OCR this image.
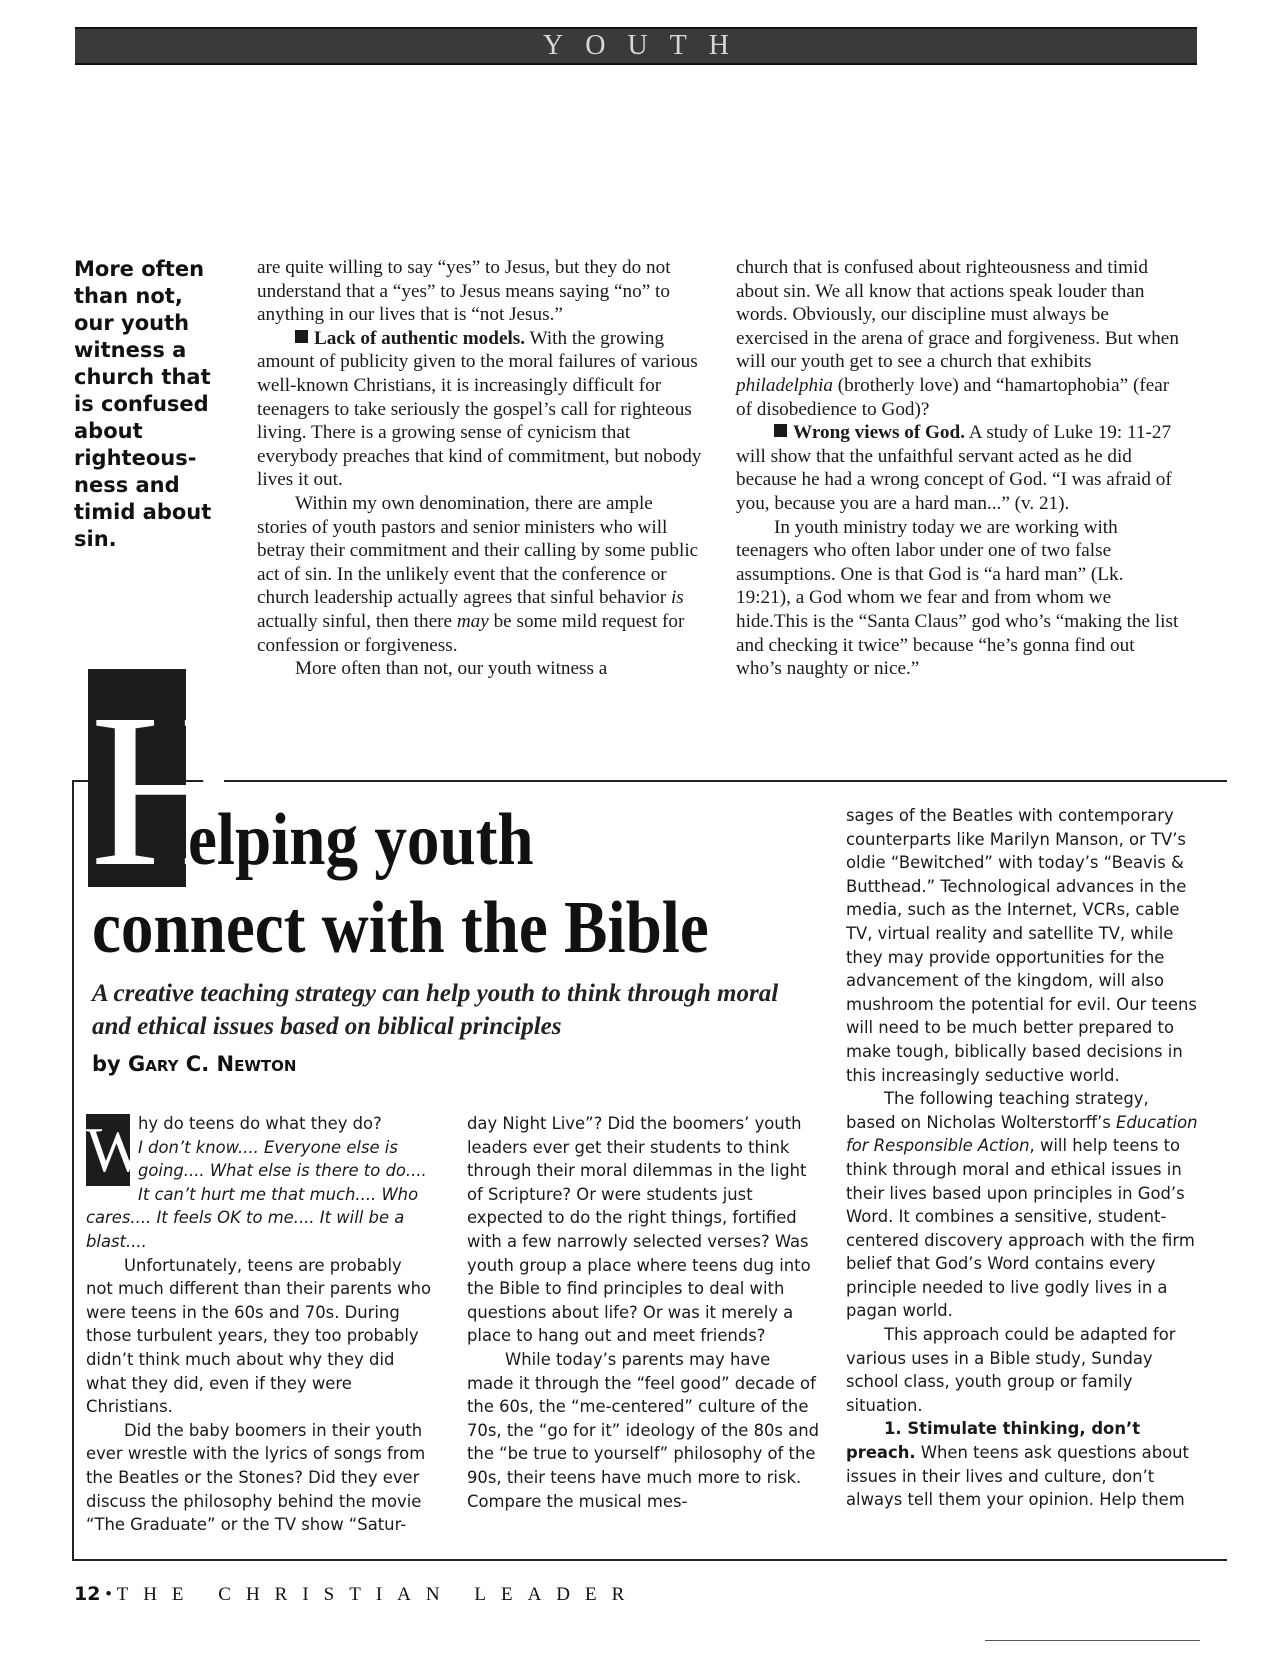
YOUTH

More often than not, our youth witness a church that is confused about righteous-ness and timid about sin.

are quite willing to say “yes” to Jesus, but they do not understand that a “yes” to Jesus means saying “no” to anything in our lives that is “not Jesus.”

Lack of authentic models. With the growing amount of publicity given to the moral failures of various well-known Christians, it is increasingly difficult for teenagers to take seriously the gospel’s call for righteous living. There is a growing sense of cynicism that everybody preaches that kind of commitment, but nobody lives it out.

Within my own denomination, there are ample stories of youth pastors and senior ministers who will betray their commitment and their calling by some public act of sin. In the unlikely event that the conference or church leadership actually agrees that sinful behavior is actually sinful, then there may be some mild request for confession or forgiveness.

More often than not, our youth witness a

church that is confused about righteousness and timid about sin. We all know that actions speak louder than words. Obviously, our discipline must always be exercised in the arena of grace and forgiveness. But when will our youth get to see a church that exhibits philadelphia (brotherly love) and “hamartophobia” (fear of disobedience to God)?

Wrong views of God. A study of Luke 19: 11-27 will show that the unfaithful servant acted as he did because he had a wrong concept of God. “I was afraid of you, because you are a hard man...” (v. 21).

In youth ministry today we are working with teenagers who often labor under one of two false assumptions. One is that God is “a hard man” (Lk. 19:21), a God whom we fear and from whom we hide.This is the “Santa Claus” god who’s “making the list and checking it twice” because “he’s gonna find out who’s naughty or nice.”

H

elping youth
connect with the Bible

A creative teaching strategy can help youth to think through moral and ethical issues based on biblical principles

by Gary C. Newton

W
hy do teens do what they do?
I don’t know.... Everyone else is going.... What else is there to do.... It can’t hurt me that much.... Who cares.... It feels OK to me.... It will be a blast....

Unfortunately, teens are probably not much different than their parents who were teens in the 60s and 70s. During those turbulent years, they too probably didn’t think much about why they did what they did, even if they were Christians.

Did the baby boomers in their youth ever wrestle with the lyrics of songs from the Beatles or the Stones? Did they ever discuss the philosophy behind the movie “The Graduate” or the TV show “Satur-

day Night Live”? Did the boomers’ youth leaders ever get their students to think through their moral dilemmas in the light of Scripture? Or were students just expected to do the right things, fortified with a few narrowly selected verses? Was youth group a place where teens dug into the Bible to find principles to deal with questions about life? Or was it merely a place to hang out and meet friends?

While today’s parents may have made it through the “feel good” decade of the 60s, the “me-centered” culture of the 70s, the “go for it” ideology of the 80s and the “be true to yourself” philosophy of the 90s, their teens have much more to risk. Compare the musical mes-

sages of the Beatles with contemporary counterparts like Marilyn Manson, or TV’s oldie “Bewitched” with today’s “Beavis & Butthead.” Technological advances in the media, such as the Internet, VCRs, cable TV, virtual reality and satellite TV, while they may provide opportunities for the advancement of the kingdom, will also mushroom the potential for evil. Our teens will need to be much better prepared to make tough, biblically based decisions in this increasingly seductive world.

The following teaching strategy, based on Nicholas Wolterstorff’s Education for Responsible Action, will help teens to think through moral and ethical issues in their lives based upon principles in God’s Word. It combines a sensitive, student-centered discovery approach with the firm belief that God’s Word contains every principle needed to live godly lives in a pagan world.

This approach could be adapted for various uses in a Bible study, Sunday school class, youth group or family situation.

1. Stimulate thinking, don’t preach. When teens ask questions about issues in their lives and culture, don’t always tell them your opinion. Help them

12 • THE CHRISTIAN LEADER
